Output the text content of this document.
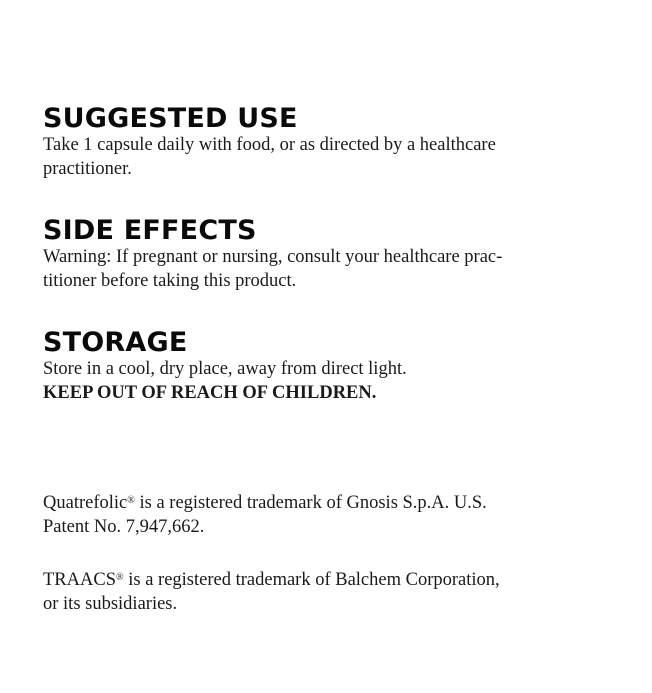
SUGGESTED USE

Take 1 capsule daily with food, or as directed by a healthcare
practitioner.

SIDE EFFECTS

Warning: If pregnant or nursing, consult your healthcare prac-
titioner before taking this product.

STORAGE

Store in a cool, dry place, away from direct light.
KEEP OUT OF REACH OF CHILDREN.

Quatrefolic® is a registered trademark of Gnosis S.p.A. U.S.
Patent No. 7,947,662.

TRAACS® is a registered trademark of Balchem Corporation,
or its subsidiaries.
